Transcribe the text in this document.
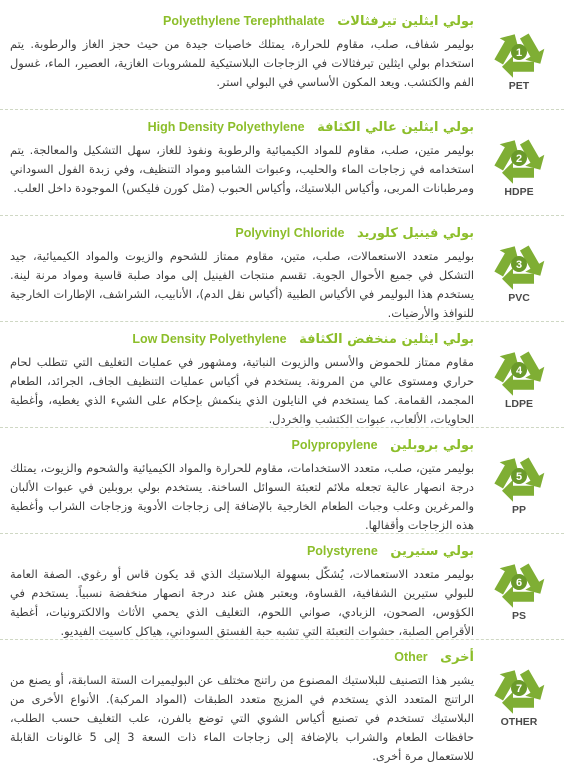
بولي ايثلين تيرفثالات Polyethylene Terephthalate
بوليمر شفاف، صلب، مقاوم للحرارة، يمتلك خاصيات جيدة من حيث حجز الغاز والرطوبة. يتم استخدام بولي ايثلين تيرفثالات في الزجاجات البلاستيكية للمشروبات الغازية، العصير، الماء، غسول الفم والكتشب. ويعد المكون الأساسي في البولي استر.
1
PET
بولي ايثلين عالي الكثافة High Density Polyethylene
بوليمر متين، صلب، مقاوم للمواد الكيميائية والرطوبة ونفوذ للغاز، سهل التشكيل والمعالجة. يتم استخدامه في زجاجات الماء والحليب، وعبوات الشامبو ومواد التنظيف، وفي زبدة الفول السوداني ومرطبانات المربى، وأكياس البلاستيك، وأكياس الحبوب (مثل كورن فليكس) الموجودة داخل العلب.
2
HDPE
بولي فينيل كلوريد Polyvinyl Chloride
بوليمر متعدد الاستعمالات، صلب، متين، مقاوم ممتاز للشحوم والزيوت والمواد الكيميائية، جيد التشكل في جميع الأحوال الجوية. تقسم منتجات الفينيل إلى مواد صلبة قاسية ومواد مرنة لينة. يستخدم هذا البوليمر في الأكياس الطبية (أكياس نقل الدم)، الأنابيب، الشراشف، الإطارات الخارجية للنوافذ والأرضيات.
3
PVC
بولي ايثلين منخفض الكثافة Low Density Polyethylene
مقاوم ممتاز للحموض والأسس والزيوت النباتية، ومشهور في عمليات التغليف التي تتطلب لحام حراري ومستوى عالي من المرونة. يستخدم في أكياس عمليات التنظيف الجاف، الجرائد، الطعام المجمد، القمامة. كما يستخدم في النايلون الذي ينكمش بإحكام على الشيء الذي يغطيه، وأغطية الحاويات، الألعاب، عبوات الكتشب والخردل.
4
LDPE
بولي بروبلين Polypropylene
بوليمر متين، صلب، متعدد الاستخدامات، مقاوم للحرارة والمواد الكيميائية والشحوم والزيوت، يمتلك درجة انصهار عالية تجعله ملائم لتعبئة السوائل الساخنة. يستخدم بولي بروبلين في عبوات الألبان والمرغرين وعلب وجبات الطعام الخارجية بالإضافة إلى زجاجات الأدوية وزجاجات الشراب وأغطية هذه الزجاجات وأقفالها.
5
PP
بولي ستيرين Polystyrene
بوليمر متعدد الاستعمالات، يُشكّل بسهولة البلاستيك الذي قد يكون قاس أو رغوي. الصفة العامة للبولي ستيرين الشفافية، القساوة، ويعتبر هش عند درجة انصهار منخفضة نسبياً. يستخدم في الكؤوس، الصحون، الزبادي، صواني اللحوم، التغليف الذي يحمي الأثاث والالكترونيات، أغطية الأقراص الصلبة، حشوات التعبئة التي تشبه حبة الفستق السوداني، هياكل كاسيت الفيديو.
6
PS
أخرى Other
يشير هذا التصنيف للبلاستيك المصنوع من راتنج مختلف عن البوليميرات الستة السابقة، أو يصنع من الراتنج المتعدد الذي يستخدم في المزيج متعدد الطبقات (المواد المركبة). الأنواع الأخرى من البلاستيك تستخدم في تصنيع أكياس الشوي التي توضع بالفرن، علب التغليف حسب الطلب، حافظات الطعام والشراب بالإضافة إلى زجاجات الماء ذات السعة 3 إلى 5 غالونات القابلة للاستعمال مرة أخرى.
7
OTHER
